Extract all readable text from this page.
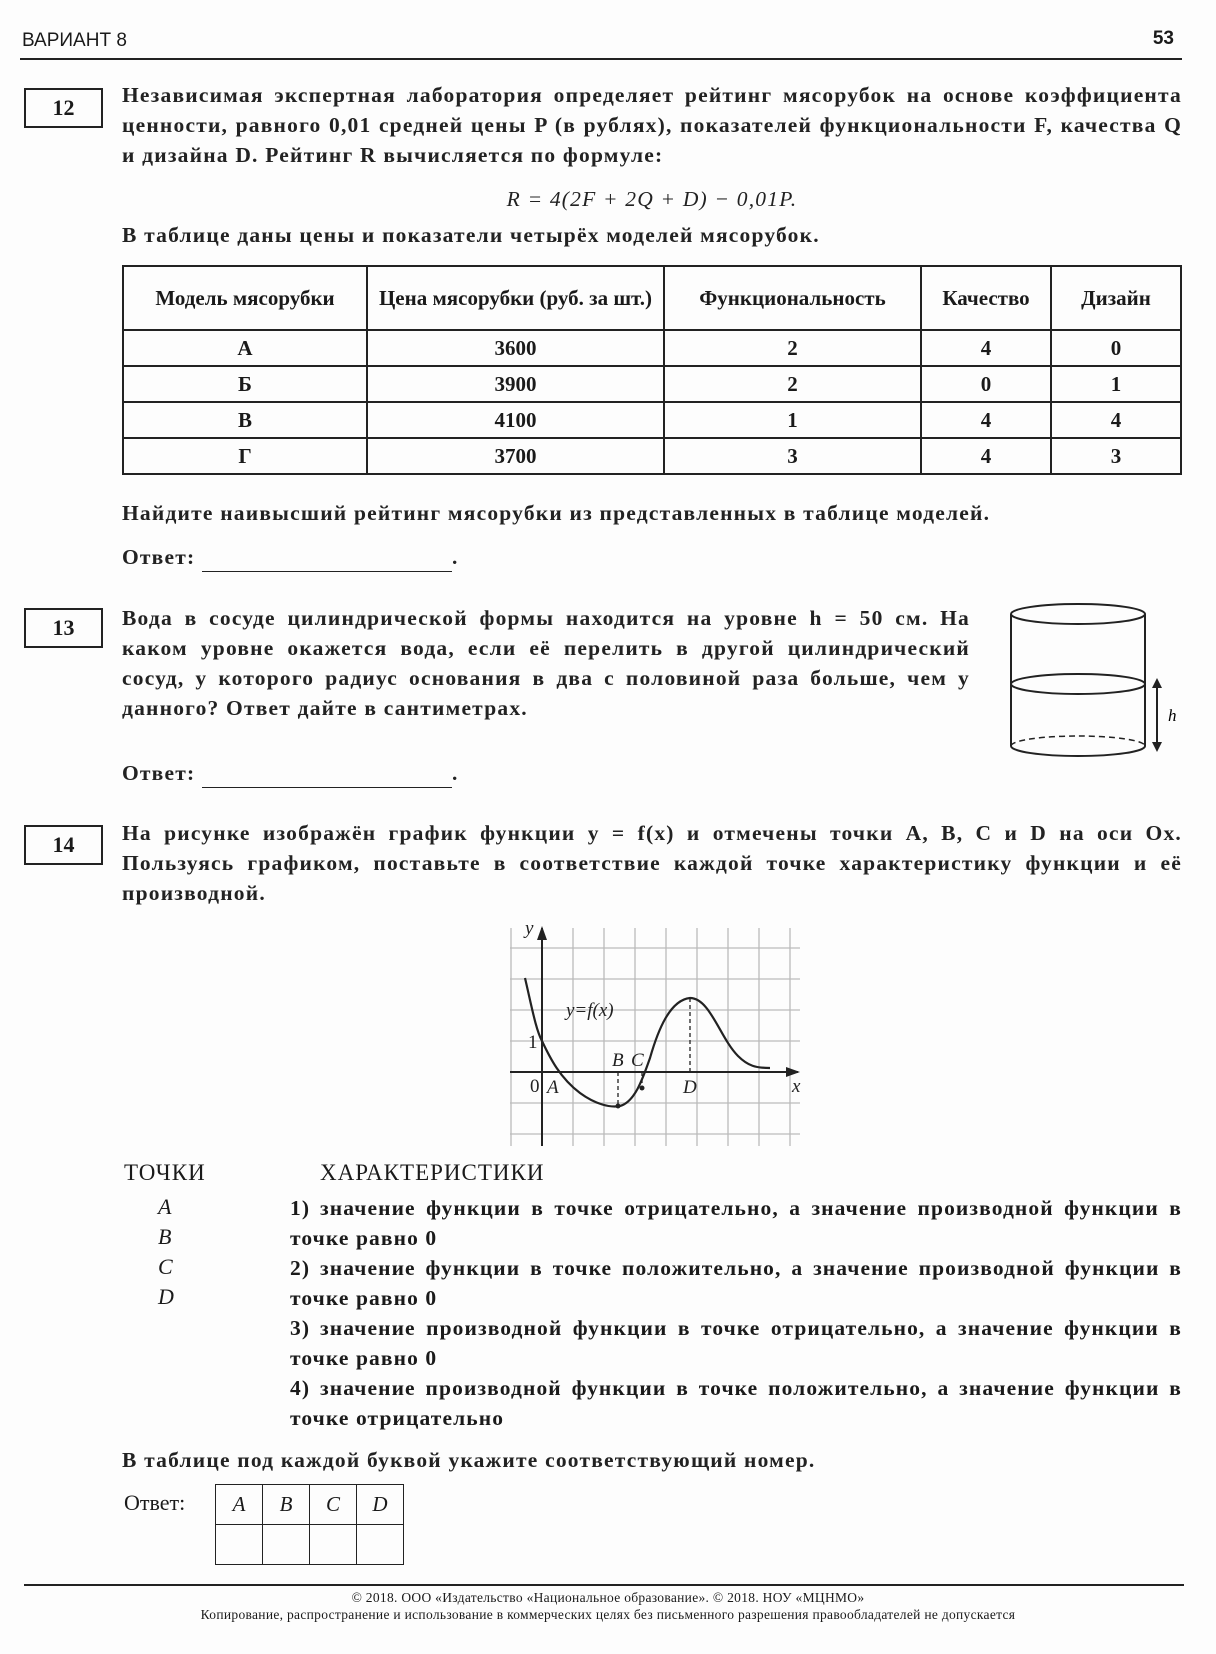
ВАРИАНТ 8	53
12	Независимая экспертная лаборатория определяет рейтинг мясорубок на основе коэффициента ценности, равного 0,01 средней цены P (в рублях), показателей функциональности F, качества Q и дизайна D. Рейтинг R вычисляется по формуле:
R = 4(2F + 2Q + D) − 0,01P.
В таблице даны цены и показатели четырёх моделей мясорубок.
Модель мясорубки	Цена мясорубки (руб. за шт.)	Функциональность	Качество	Дизайн
А	3600	2	4	0
Б	3900	2	0	1
В	4100	1	4	4
Г	3700	3	4	3
Найдите наивысший рейтинг мясорубки из представленных в таблице моделей.
Ответ:	.
13	Вода в сосуде цилиндрической формы находится на уровне h = 50 см. На каком уровне окажется вода, если её перелить в другой цилиндрический сосуд, у которого радиус основания в два с половиной раза больше, чем у данного? Ответ дайте в сантиметрах.	h
Ответ:	.
14	На рисунке изображён график функции y = f(x) и отмечены точки A, B, C и D на оси Ox. Пользуясь графиком, поставьте в соответствие каждой точке характеристику функции и её производной.
y
x
y=f(x)
1
0 A
B C
D
ТОЧКИ	ХАРАКТЕРИСТИКИ
A
B
C
D
1) значение функции в точке отрицательно, а значение производной функции в точке равно 0
2) значение функции в точке положительно, а значение производной функции в точке равно 0
3) значение производной функции в точке отрицательно, а значение функции в точке равно 0
4) значение производной функции в точке положительно, а значение функции в точке отрицательно
В таблице под каждой буквой укажите соответствующий номер.
Ответ: A	B	C	D

© 2018. ООО «Издательство «Национальное образование». © 2018. НОУ «МЦНМО»
Копирование, распространение и использование в коммерческих целях без письменного разрешения правообладателей не допускается
